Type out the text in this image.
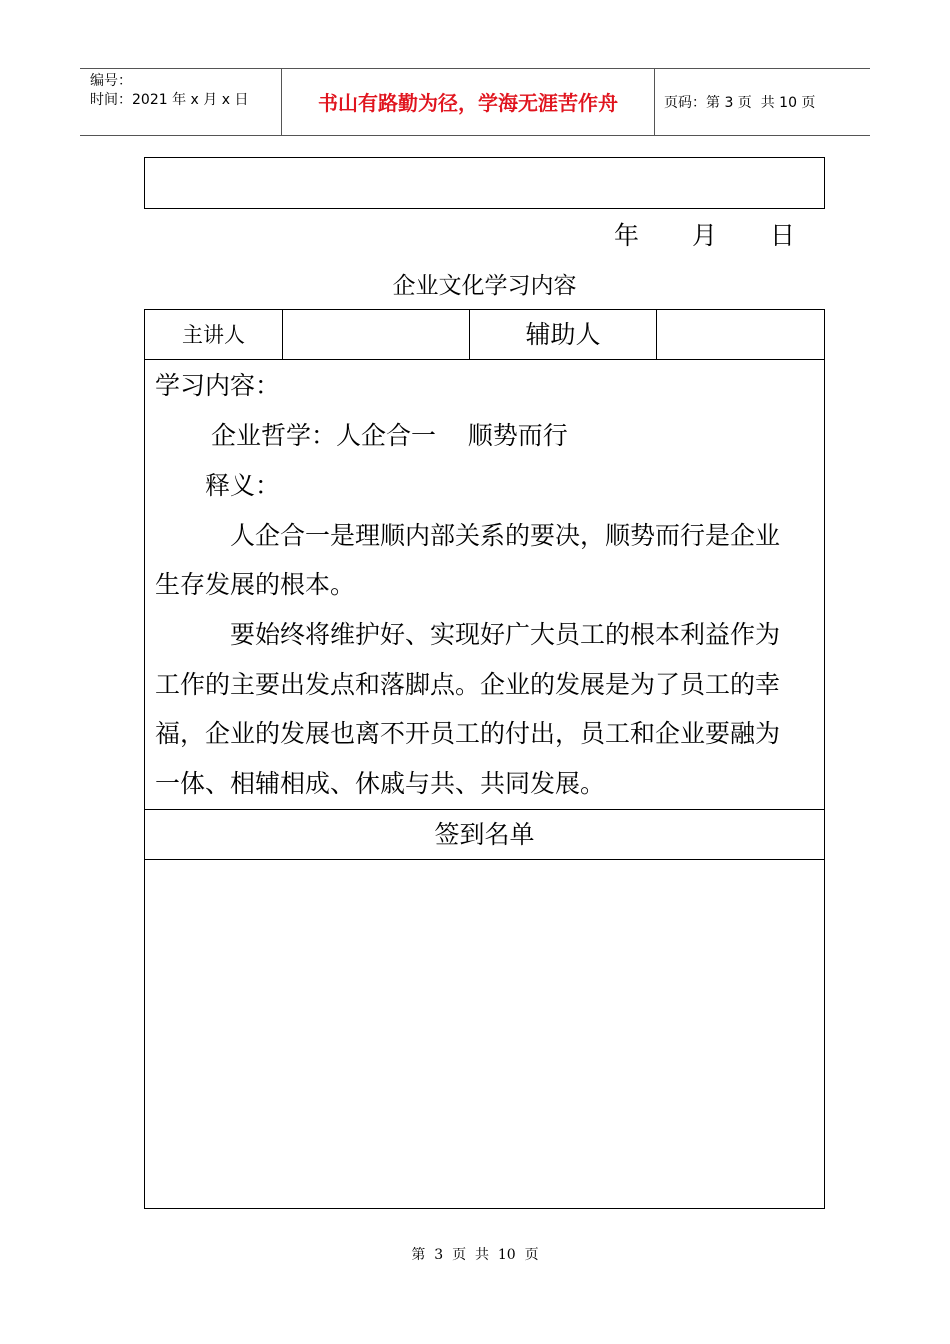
编号：
时间：2021 年 x 月 x 日	书山有路勤为径，学海无涯苦作舟	页码：第 3 页  共 10 页

年

月

日

企业文化学习内容
主讲人	辅助人
学习内容：
企业哲学：人企合一    顺势而行
释义：
人企合一是理顺内部关系的要决，顺势而行是企业
生存发展的根本。
要始终将维护好、实现好广大员工的根本利益作为
工作的主要出发点和落脚点。企业的发展是为了员工的幸
福，企业的发展也离不开员工的付出，员工和企业要融为
一体、相辅相成、休戚与共、共同发展。
签到名单
第  3  页  共  10  页
